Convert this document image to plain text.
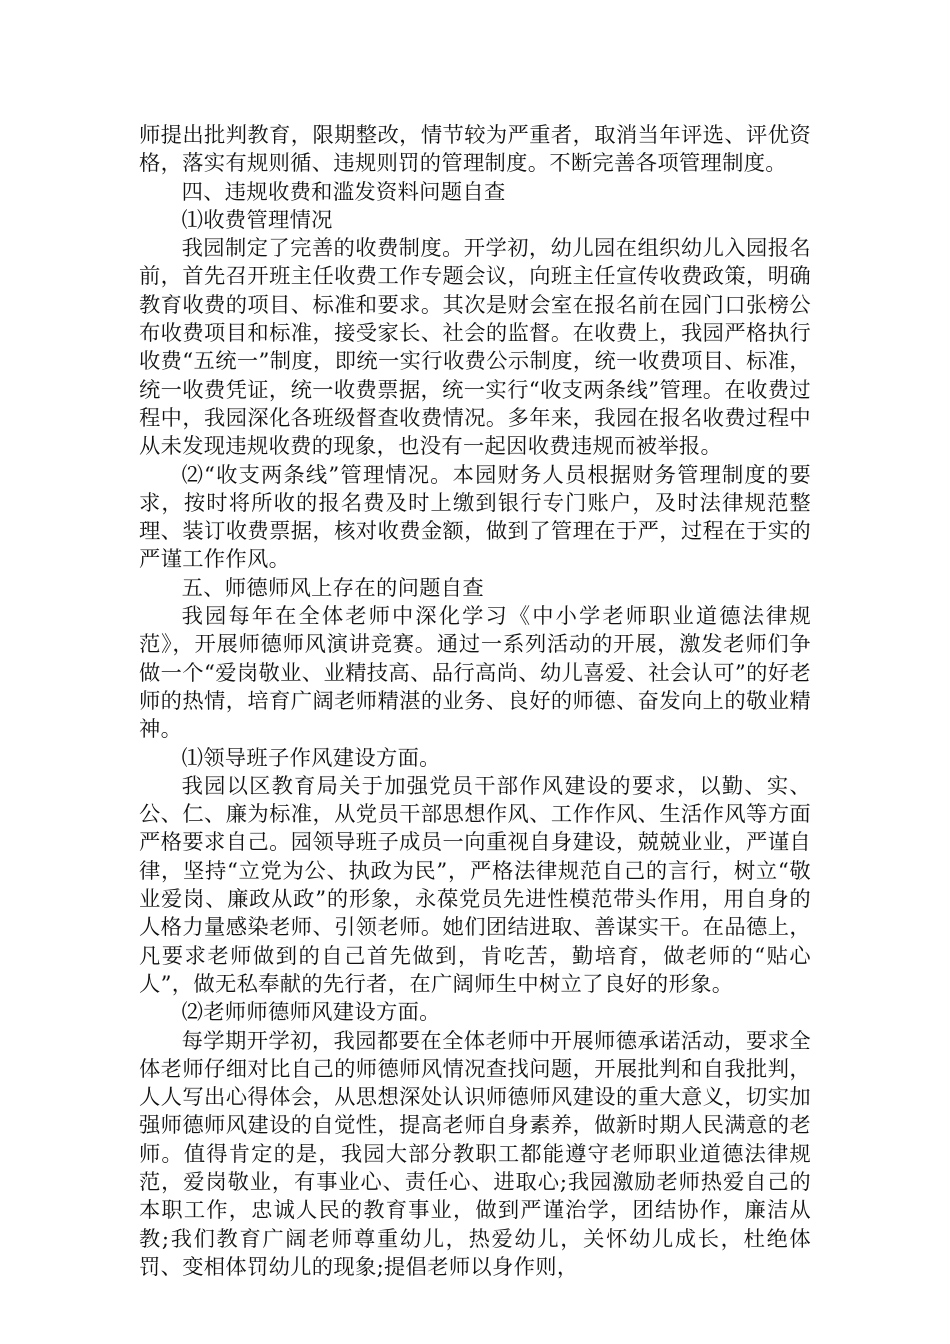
师提出批判教育，限期整改，情节较为严重者，取消当年评选、评优资格，落实有规则循、违规则罚的管理制度。不断完善各项管理制度。

四、违规收费和滥发资料问题自查

⑴收费管理情况

我园制定了完善的收费制度。开学初，幼儿园在组织幼儿入园报名前，首先召开班主任收费工作专题会议，向班主任宣传收费政策，明确教育收费的项目、标准和要求。其次是财会室在报名前在园门口张榜公布收费项目和标准，接受家长、社会的监督。在收费上，我园严格执行收费“五统一”制度，即统一实行收费公示制度，统一收费项目、标准，统一收费凭证，统一收费票据，统一实行“收支两条线”管理。在收费过程中，我园深化各班级督查收费情况。多年来，我园在报名收费过程中从未发现违规收费的现象，也没有一起因收费违规而被举报。

⑵“收支两条线”管理情况。本园财务人员根据财务管理制度的要求，按时将所收的报名费及时上缴到银行专门账户，及时法律规范整理、装订收费票据，核对收费金额，做到了管理在于严，过程在于实的严谨工作作风。

五、师德师风上存在的问题自查

我园每年在全体老师中深化学习《中小学老师职业道德法律规范》，开展师德师风演讲竞赛。通过一系列活动的开展，激发老师们争做一个“爱岗敬业、业精技高、品行高尚、幼儿喜爱、社会认可”的好老师的热情，培育广阔老师精湛的业务、良好的师德、奋发向上的敬业精神。

⑴领导班子作风建设方面。

我园以区教育局关于加强党员干部作风建设的要求，以勤、实、公、仁、廉为标准，从党员干部思想作风、工作作风、生活作风等方面严格要求自己。园领导班子成员一向重视自身建设，兢兢业业，严谨自律，坚持“立党为公、执政为民”，严格法律规范自己的言行，树立“敬业爱岗、廉政从政”的形象，永葆党员先进性模范带头作用，用自身的人格力量感染老师、引领老师。她们团结进取、善谋实干。在品德上，凡要求老师做到的自己首先做到，肯吃苦，勤培育，做老师的“贴心人”，做无私奉献的先行者，在广阔师生中树立了良好的形象。

⑵老师师德师风建设方面。

每学期开学初，我园都要在全体老师中开展师德承诺活动，要求全体老师仔细对比自己的师德师风情况查找问题，开展批判和自我批判，人人写出心得体会，从思想深处认识师德师风建设的重大意义，切实加强师德师风建设的自觉性，提高老师自身素养，做新时期人民满意的老师。值得肯定的是，我园大部分教职工都能遵守老师职业道德法律规范，爱岗敬业，有事业心、责任心、进取心;我园激励老师热爱自己的本职工作，忠诚人民的教育事业，做到严谨治学，团结协作，廉洁从教;我们教育广阔老师尊重幼儿，热爱幼儿，关怀幼儿成长，杜绝体罚、变相体罚幼儿的现象;提倡老师以身作则，
